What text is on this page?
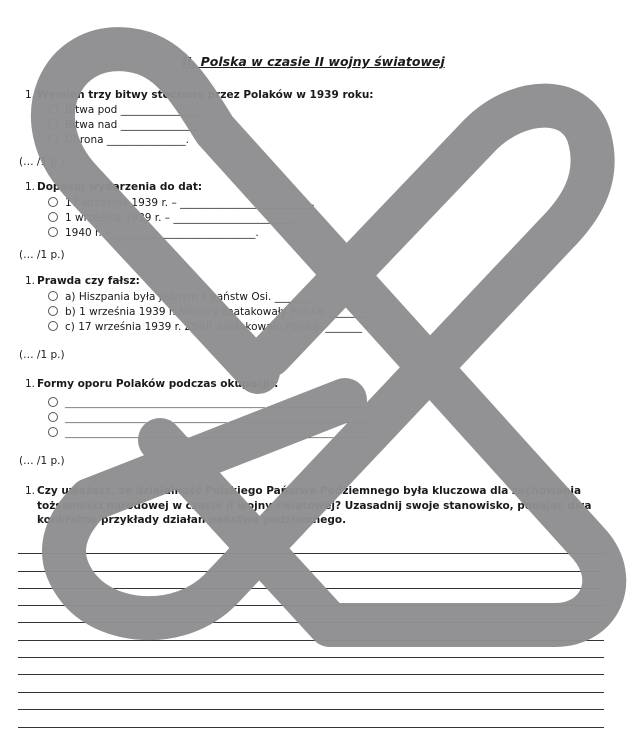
II. Polska w czasie II wojny światowej
1. Wymień trzy bitwy stoczone przez Polaków w 1939 roku:
Bitwa pod _______________.
Bitwa nad _______________.
Obrona _______________.
(… /1 p.)
1. Dopasuj wydarzenia do dat:
17 września 1939 r. – _________________________.
1 września 1939 r. – _______________________.
1940 r. – ___________________________.
(… /1 p.)
1. Prawda czy fałsz:
a) Hiszpania była jednym z państw Osi. _______
b) 1 września 1939 r. Niemcy zaatakowały Polskę. ________
c) 17 września 1939 r. ZSRR zaatakowało Polskę. _______
(… /1 p.)
1. Formy oporu Polaków podczas okupacji::
____________________________________________________________________________
____________________________________________________________________________
____________________________________________________________________________
(… /1 p.)
1. Czy uważasz, że działalność Polskiego Państwa Podziemnego była kluczowa dla zachowania tożsamości narodowej w czasie II wojny światowej? Uzasadnij swoje stanowisko, podając dwa konkretne przykłady działań państwa podziemnego.
